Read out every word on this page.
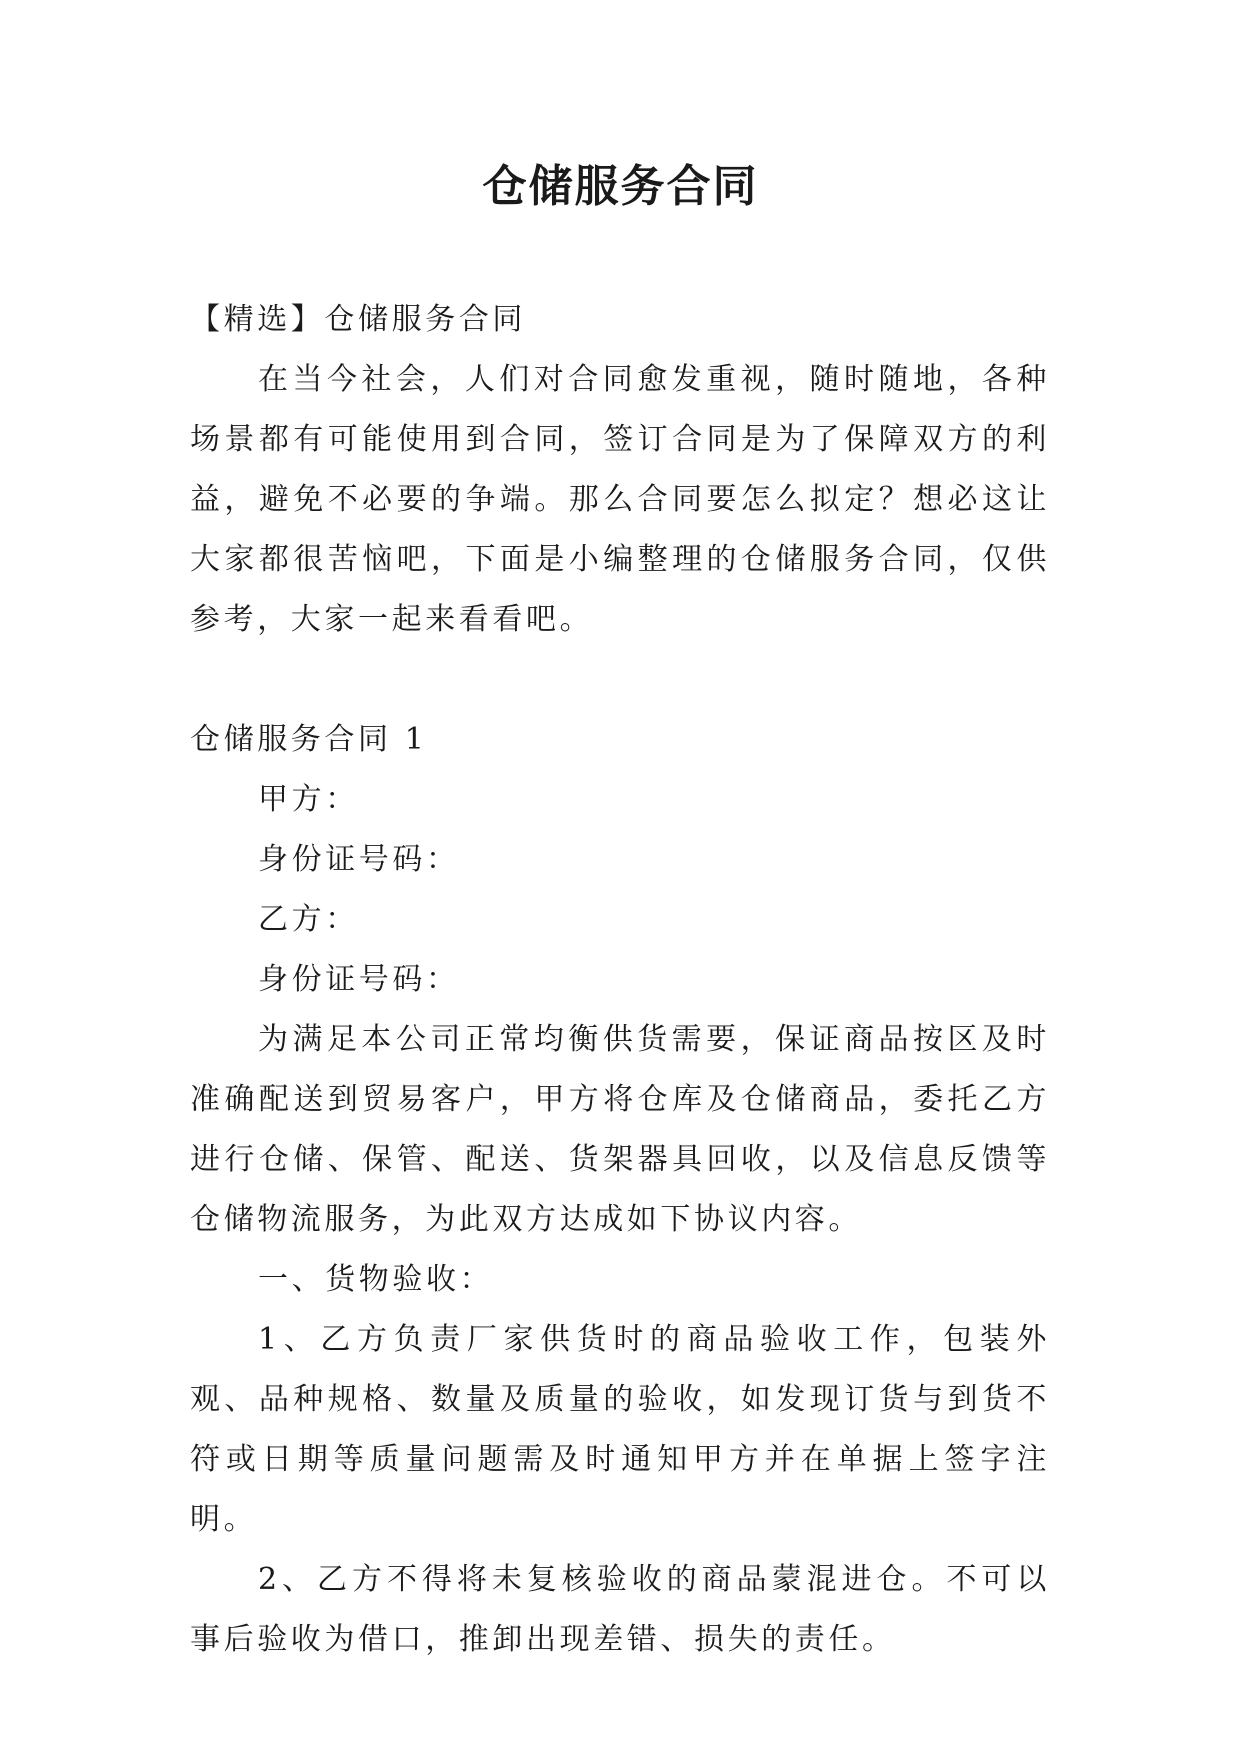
仓储服务合同

【精选】仓储服务合同

在当今社会，人们对合同愈发重视，随时随地，各种场景都有可能使用到合同，签订合同是为了保障双方的利益，避免不必要的争端。那么合同要怎么拟定？想必这让大家都很苦恼吧，下面是小编整理的仓储服务合同，仅供参考，大家一起来看看吧。

仓储服务合同 1

甲方：

身份证号码：

乙方：

身份证号码：

为满足本公司正常均衡供货需要，保证商品按区及时准确配送到贸易客户，甲方将仓库及仓储商品，委托乙方进行仓储、保管、配送、货架器具回收，以及信息反馈等仓储物流服务，为此双方达成如下协议内容。

一、货物验收：

1、乙方负责厂家供货时的商品验收工作，包装外观、品种规格、数量及质量的验收，如发现订货与到货不符或日期等质量问题需及时通知甲方并在单据上签字注明。

2、乙方不得将未复核验收的商品蒙混进仓。不可以事后验收为借口，推卸出现差错、损失的责任。
